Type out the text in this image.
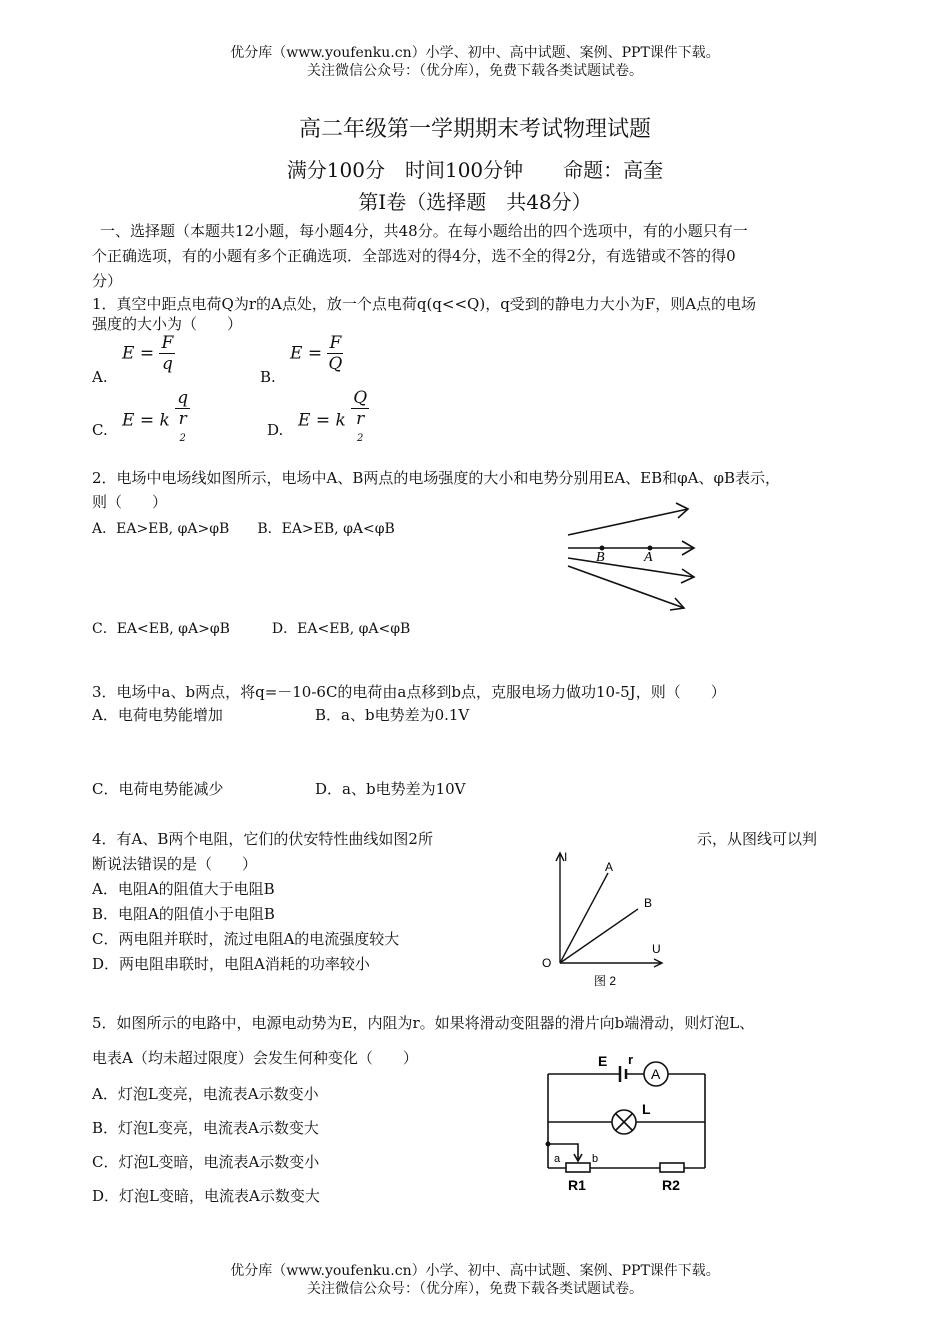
优分库（www.youfenku.cn）小学、初中、高中试题、案例、PPT课件下载。
关注微信公众号：（优分库），免费下载各类试题试卷。
高二年级第一学期期末考试物理试题
满分100分　时间100分钟　　命题：高奎
第Ⅰ卷（选择题　共48分）
一、选择题（本题共12小题，每小题4分，共48分。在每小题给出的四个选项中，有的小题只有一
个正确选项，有的小题有多个正确选项．全部选对的得4分，选不全的得2分，有选错或不答的得0
分）
1．真空中距点电荷Q为r的A点处，放一个点电荷q(q<<Q)，q受到的静电力大小为F，则A点的电场
强度的大小为（　　）
A.
$E = \frac{F}{q}$
B.
$E = \frac{F}{Q}$
C. E = k q
r
$^2$	D. E = k Q
r
$^2$
2．电场中电场线如图所示，电场中A、B两点的电场强度的大小和电势分别用EA、EB和φA、φB表示，
则（　　）
A．EA>EB, φA>φB　　B．EA>EB, φA<φB
C．EA<EB, φA>φB　　　D．EA<EB, φA<φB
B	A
3．电场中a、b两点，将q=－10-6C的电荷由a点移到b点，克服电场力做功10-5J，则（　　）
A．电荷电势能增加	B．a、b电势差为0.1V
C．电荷电势能减少	D．a、b电势差为10V
4．有A、B两个电阻，它们的伏安特性曲线如图2所	示，从图线可以判
断说法错误的是（　　）
A．电阻A的阻值大于电阻B
B．电阻A的阻值小于电阻B
C．两电阻并联时，流过电阻A的电流强度较大
D．两电阻串联时，电阻A消耗的功率较小
I
U
O
A
B
图 2
5．如图所示的电路中，电源电动势为E，内阻为r。如果将滑动变阻器的滑片向b端滑动，则灯泡L、
电表A（均未超过限度）会发生何种变化（　　）
A．灯泡L变亮，电流表A示数变小
B．灯泡L变亮，电流表A示数变大
C．灯泡L变暗，电流表A示数变小
D．灯泡L变暗，电流表A示数变大
E r
A
L
a	b
R1	R2
优分库（www.youfenku.cn）小学、初中、高中试题、案例、PPT课件下载。
关注微信公众号：（优分库），免费下载各类试题试卷。
